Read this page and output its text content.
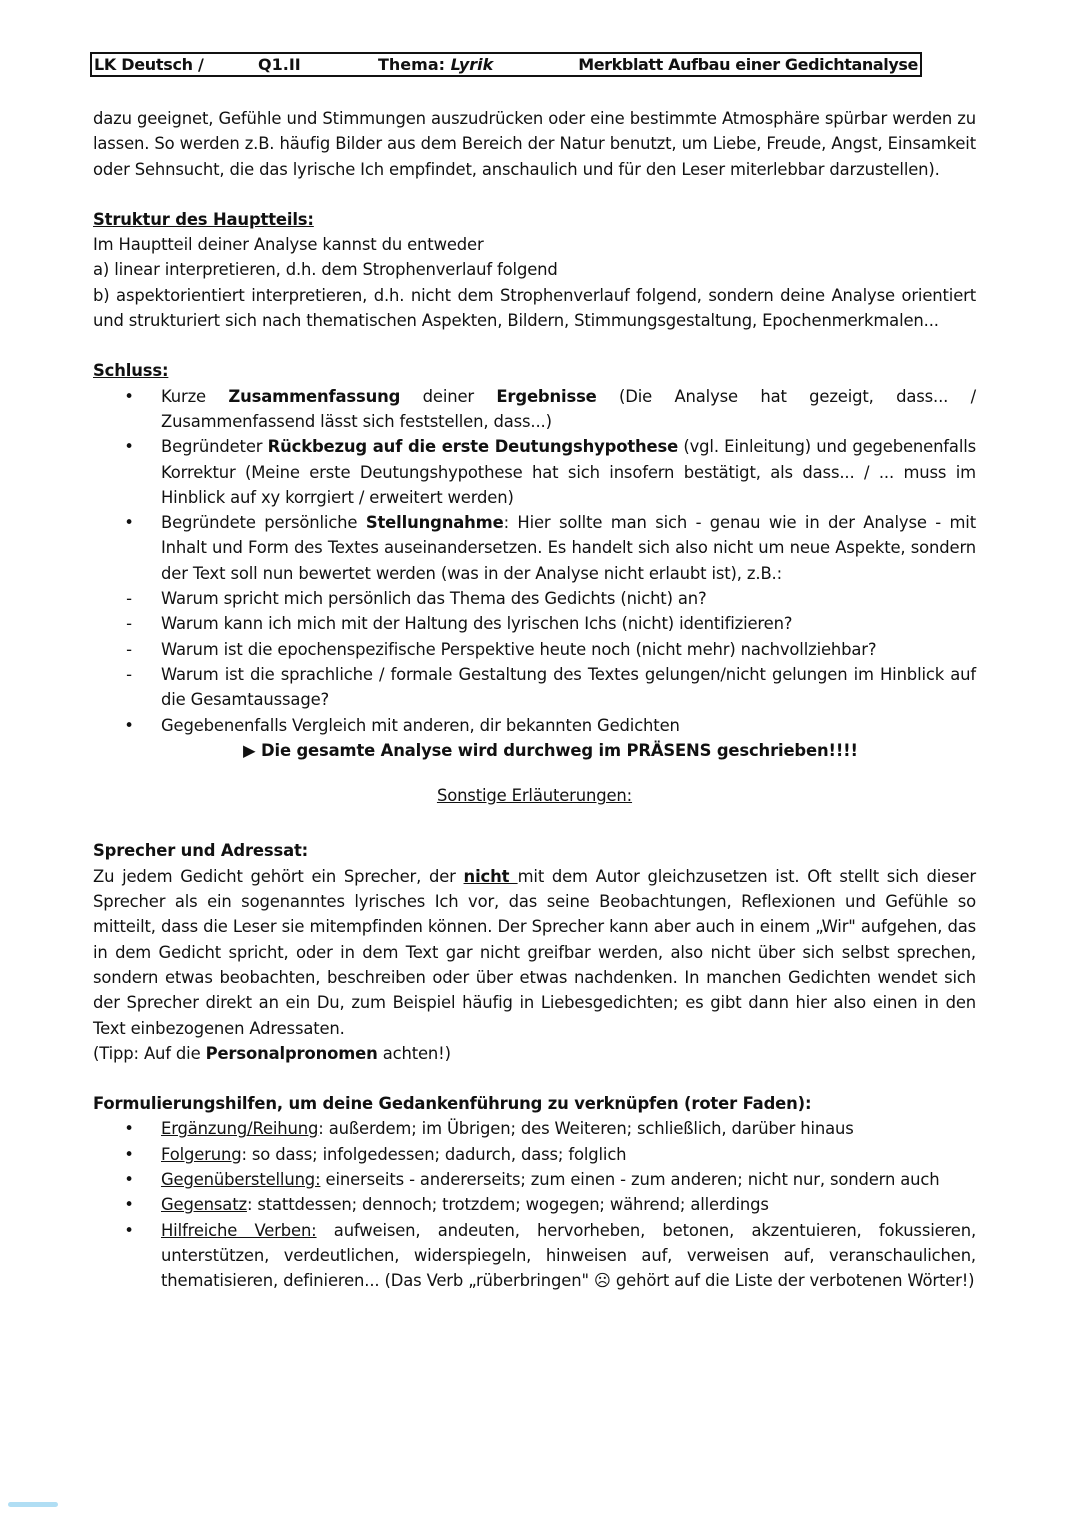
LK Deutsch /	Q1.II	Thema: Lyrik	Merkblatt Aufbau einer Gedichtanalyse

dazu geeignet, Gefühle und Stimmungen auszudrücken oder eine bestimmte Atmosphäre spürbar werden zu lassen. So werden z.B. häufig Bilder aus dem Bereich der Natur benutzt, um Liebe, Freude, Angst, Einsamkeit oder Sehnsucht, die das lyrische Ich empfindet, anschaulich und für den Leser miterlebbar darzustellen).

Struktur des Hauptteils:

Im Hauptteil deiner Analyse kannst du entweder

a) linear interpretieren, d.h. dem Strophenverlauf folgend

b) aspektorientiert interpretieren, d.h. nicht dem Strophenverlauf folgend, sondern deine Analyse orientiert und strukturiert sich nach thematischen Aspekten, Bildern, Stimmungsgestaltung, Epochenmerkmalen...

Schluss:

• Kurze Zusammenfassung deiner Ergebnisse (Die Analyse hat gezeigt, dass... / Zusammenfassend lässt sich feststellen, dass...)
• Begründeter Rückbezug auf die erste Deutungshypothese (vgl. Einleitung) und gegebenenfalls Korrektur (Meine erste Deutungshypothese hat sich insofern bestätigt, als dass... / ... muss im Hinblick auf xy korrgiert / erweitert werden)
• Begründete persönliche Stellungnahme: Hier sollte man sich - genau wie in der Analyse - mit Inhalt und Form des Textes auseinandersetzen. Es handelt sich also nicht um neue Aspekte, sondern der Text soll nun bewertet werden (was in der Analyse nicht erlaubt ist), z.B.:
- Warum spricht mich persönlich das Thema des Gedichts (nicht) an?
- Warum kann ich mich mit der Haltung des lyrischen Ichs (nicht) identifizieren?
- Warum ist die epochenspezifische Perspektive heute noch (nicht mehr) nachvollziehbar?
- Warum ist die sprachliche / formale Gestaltung des Textes gelungen/nicht gelungen im Hinblick auf die Gesamtaussage?
• Gegebenenfalls Vergleich mit anderen, dir bekannten Gedichten

▶ Die gesamte Analyse wird durchweg im PRÄSENS geschrieben!!!!

Sonstige Erläuterungen:

Sprecher und Adressat:

Zu jedem Gedicht gehört ein Sprecher, der nicht mit dem Autor gleichzusetzen ist. Oft stellt sich dieser Sprecher als ein sogenanntes lyrisches Ich vor, das seine Beobachtungen, Reflexionen und Gefühle so mitteilt, dass die Leser sie mitempfinden können. Der Sprecher kann aber auch in einem „Wir" aufgehen, das in dem Gedicht spricht, oder in dem Text gar nicht greifbar werden, also nicht über sich selbst sprechen, sondern etwas beobachten, beschreiben oder über etwas nachdenken. In manchen Gedichten wendet sich der Sprecher direkt an ein Du, zum Beispiel häufig in Liebesgedichten; es gibt dann hier also einen in den Text einbezogenen Adressaten.

(Tipp: Auf die Personalpronomen achten!)

Formulierungshilfen, um deine Gedankenführung zu verknüpfen (roter Faden):

• Ergänzung/Reihung: außerdem; im Übrigen; des Weiteren; schließlich, darüber hinaus
• Folgerung: so dass; infolgedessen; dadurch, dass; folglich
• Gegenüberstellung: einerseits - andererseits; zum einen - zum anderen; nicht nur, sondern auch
• Gegensatz: stattdessen; dennoch; trotzdem; wogegen; während; allerdings
• Hilfreiche Verben: aufweisen, andeuten, hervorheben, betonen, akzentuieren, fokussieren, unterstützen, verdeutlichen, widerspiegeln, hinweisen auf, verweisen auf, veranschaulichen, thematisieren, definieren... (Das Verb „rüberbringen" ☹ gehört auf die Liste der verbotenen Wörter!)
